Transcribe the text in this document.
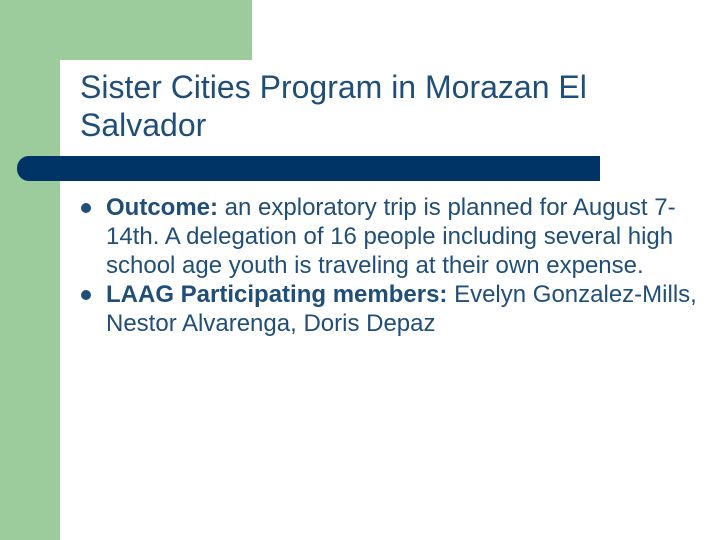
Sister Cities Program in Morazan El Salvador
Outcome: an exploratory trip is planned for August 7-14th. A delegation of 16 people including several high school age youth is traveling at their own expense.
LAAG Participating members: Evelyn Gonzalez-Mills, Nestor Alvarenga, Doris Depaz
